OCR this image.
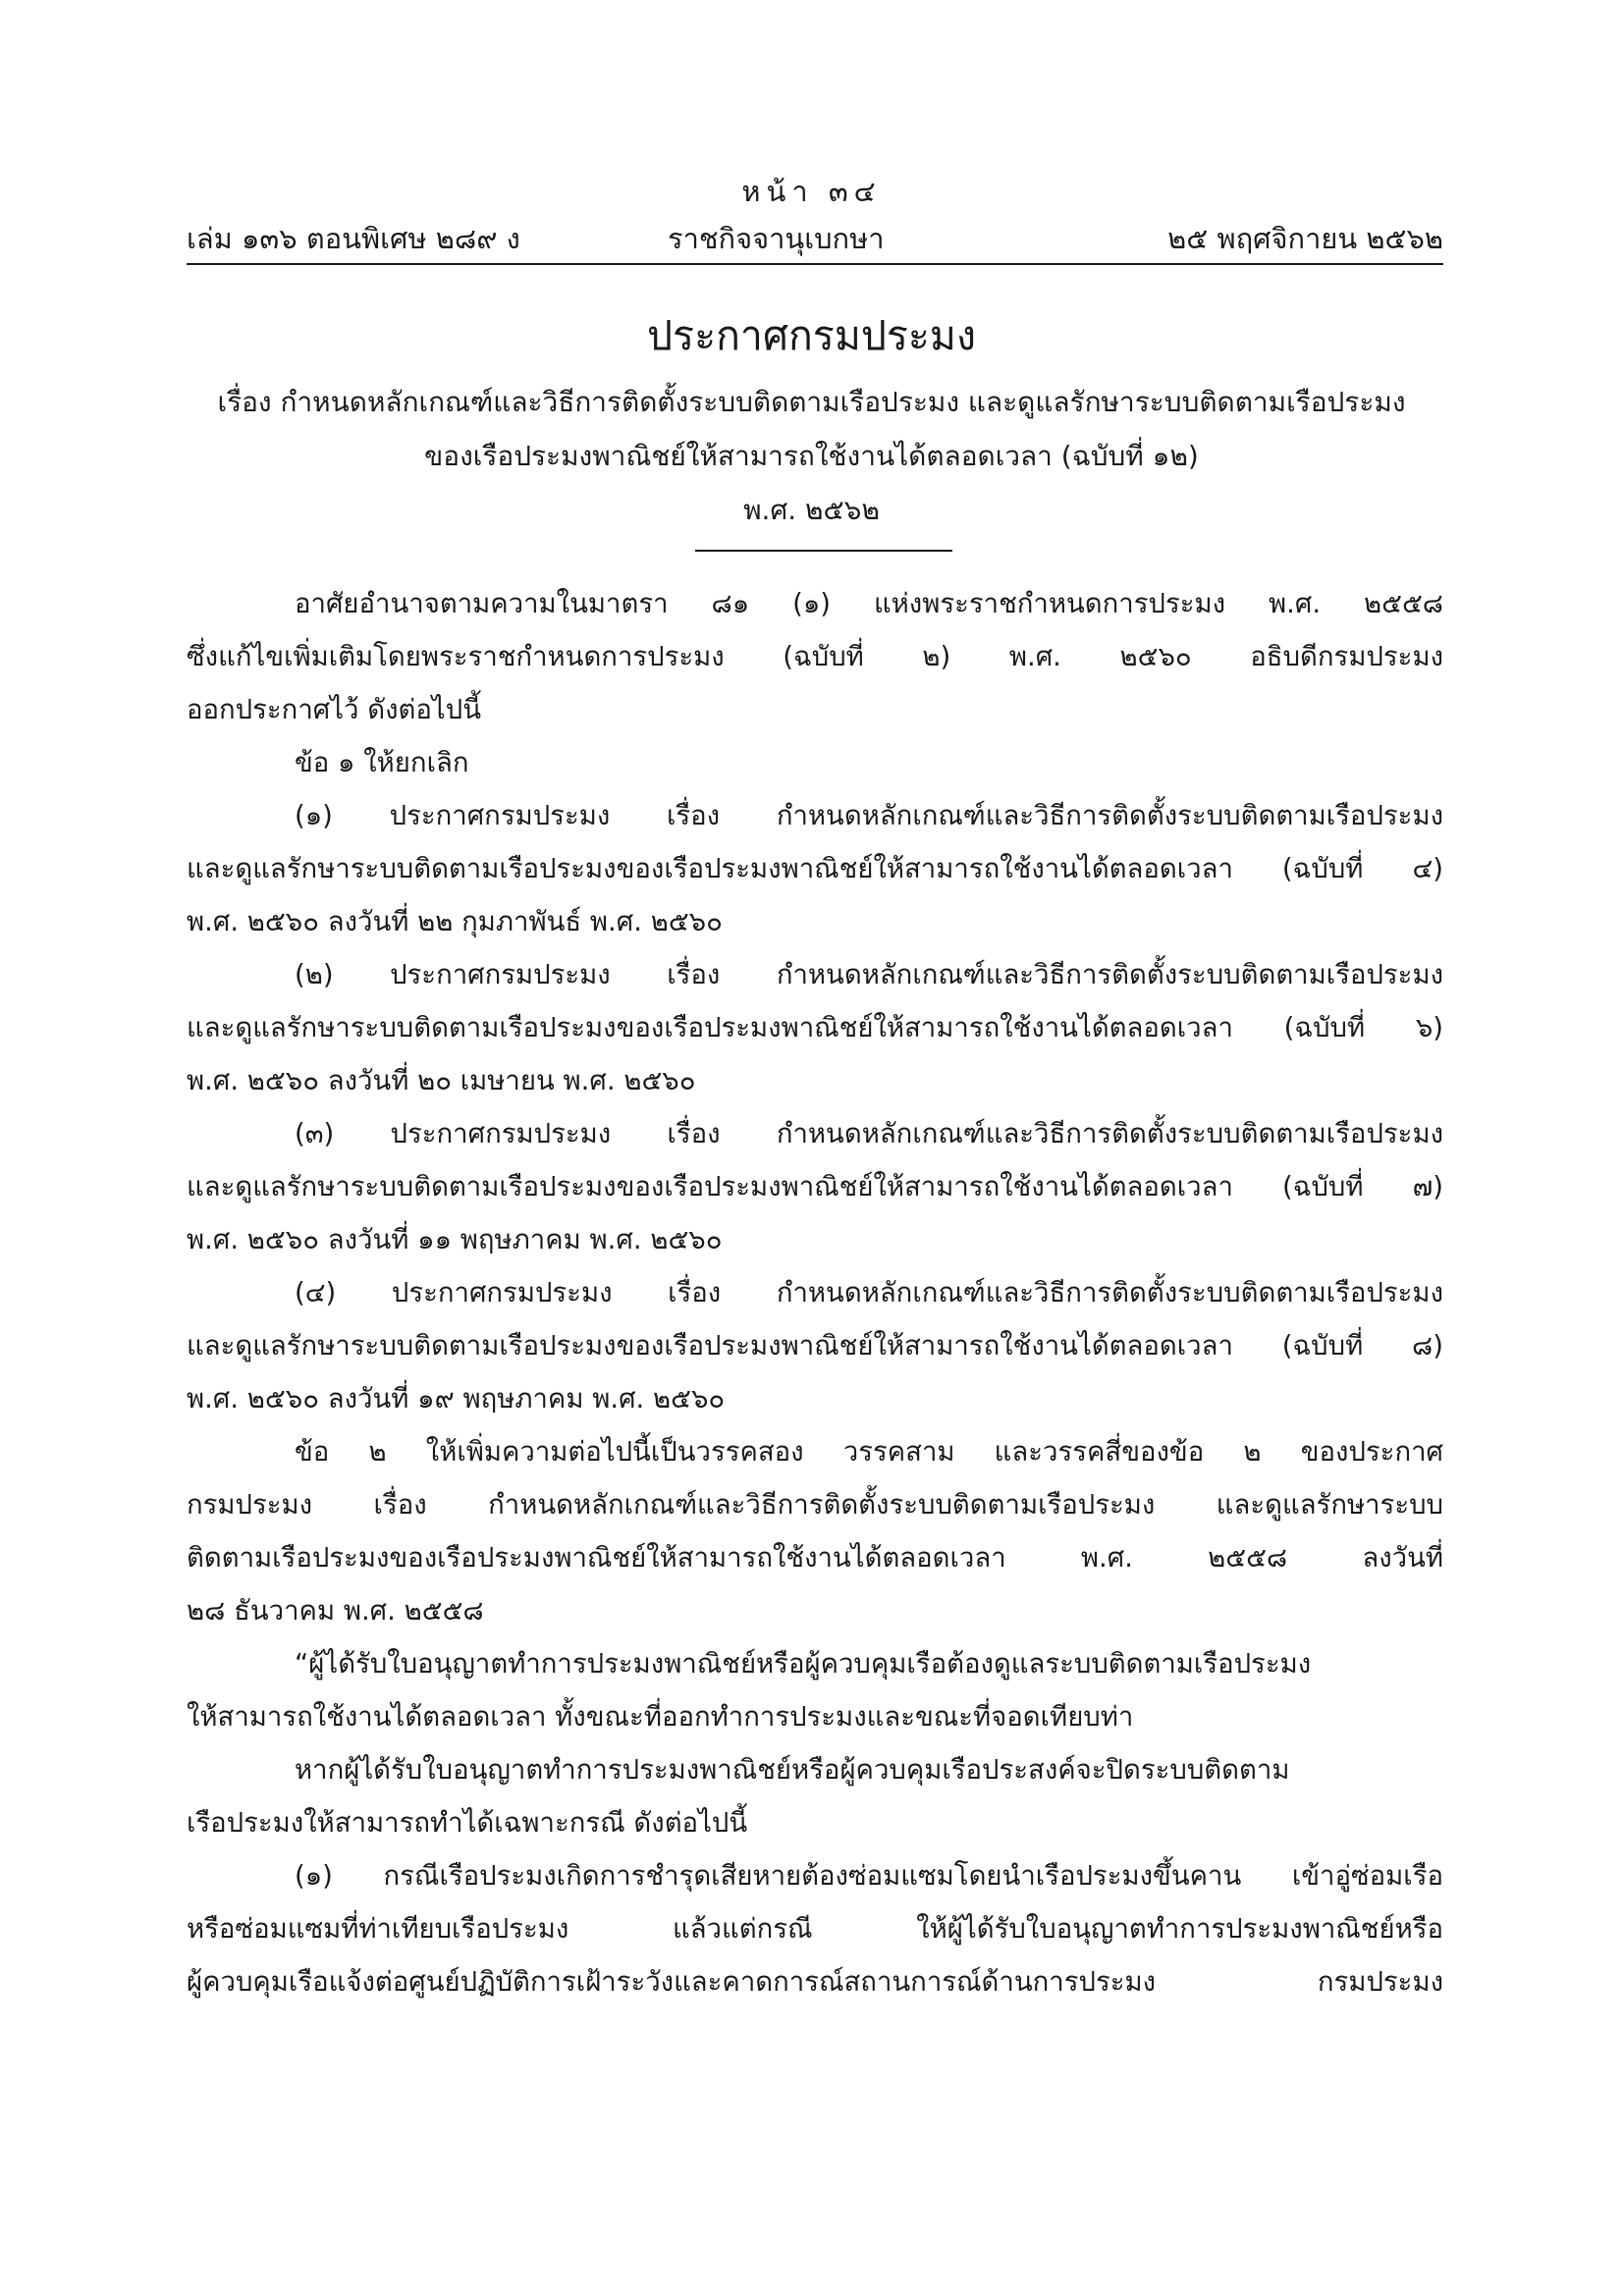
หน้า ๓๔
เล่ม ๑๓๖ ตอนพิเศษ ๒๘๙ ง	ราชกิจจานุเบกษา	๒๕ พฤศจิกายน ๒๕๖๒
ประกาศกรมประมง
เรื่อง กำหนดหลักเกณฑ์และวิธีการติดตั้งระบบติดตามเรือประมง และดูแลรักษาระบบติดตามเรือประมง
ของเรือประมงพาณิชย์ให้สามารถใช้งานได้ตลอดเวลา (ฉบับที่ ๑๒)
พ.ศ. ๒๕๖๒
อาศัยอำนาจตามความในมาตรา ๘๑ (๑) แห่งพระราชกำหนดการประมง พ.ศ. ๒๕๕๘
ซึ่งแก้ไขเพิ่มเติมโดยพระราชกำหนดการประมง (ฉบับที่ ๒) พ.ศ. ๒๕๖๐ อธิบดีกรมประมง
ออกประกาศไว้ ดังต่อไปนี้
ข้อ ๑ ให้ยกเลิก
(๑) ประกาศกรมประมง เรื่อง กำหนดหลักเกณฑ์และวิธีการติดตั้งระบบติดตามเรือประมง
และดูแลรักษาระบบติดตามเรือประมงของเรือประมงพาณิชย์ให้สามารถใช้งานได้ตลอดเวลา (ฉบับที่ ๔)
พ.ศ. ๒๕๖๐ ลงวันที่ ๒๒ กุมภาพันธ์ พ.ศ. ๒๕๖๐
(๒) ประกาศกรมประมง เรื่อง กำหนดหลักเกณฑ์และวิธีการติดตั้งระบบติดตามเรือประมง
และดูแลรักษาระบบติดตามเรือประมงของเรือประมงพาณิชย์ให้สามารถใช้งานได้ตลอดเวลา (ฉบับที่ ๖)
พ.ศ. ๒๕๖๐ ลงวันที่ ๒๐ เมษายน พ.ศ. ๒๕๖๐
(๓) ประกาศกรมประมง เรื่อง กำหนดหลักเกณฑ์และวิธีการติดตั้งระบบติดตามเรือประมง
และดูแลรักษาระบบติดตามเรือประมงของเรือประมงพาณิชย์ให้สามารถใช้งานได้ตลอดเวลา (ฉบับที่ ๗)
พ.ศ. ๒๕๖๐ ลงวันที่ ๑๑ พฤษภาคม พ.ศ. ๒๕๖๐
(๔) ประกาศกรมประมง เรื่อง กำหนดหลักเกณฑ์และวิธีการติดตั้งระบบติดตามเรือประมง
และดูแลรักษาระบบติดตามเรือประมงของเรือประมงพาณิชย์ให้สามารถใช้งานได้ตลอดเวลา (ฉบับที่ ๘)
พ.ศ. ๒๕๖๐ ลงวันที่ ๑๙ พฤษภาคม พ.ศ. ๒๕๖๐
ข้อ ๒ ให้เพิ่มความต่อไปนี้เป็นวรรคสอง วรรคสาม และวรรคสี่ของข้อ ๒ ของประกาศ
กรมประมง เรื่อง กำหนดหลักเกณฑ์และวิธีการติดตั้งระบบติดตามเรือประมง และดูแลรักษาระบบ
ติดตามเรือประมงของเรือประมงพาณิชย์ให้สามารถใช้งานได้ตลอดเวลา พ.ศ. ๒๕๕๘ ลงวันที่
๒๘ ธันวาคม พ.ศ. ๒๕๕๘
“ผู้ได้รับใบอนุญาตทำการประมงพาณิชย์หรือผู้ควบคุมเรือต้องดูแลระบบติดตามเรือประมง
ให้สามารถใช้งานได้ตลอดเวลา ทั้งขณะที่ออกทำการประมงและขณะที่จอดเทียบท่า
หากผู้ได้รับใบอนุญาตทำการประมงพาณิชย์หรือผู้ควบคุมเรือประสงค์จะปิดระบบติดตาม
เรือประมงให้สามารถทำได้เฉพาะกรณี ดังต่อไปนี้
(๑) กรณีเรือประมงเกิดการชำรุดเสียหายต้องซ่อมแซมโดยนำเรือประมงขึ้นคาน เข้าอู่ซ่อมเรือ
หรือซ่อมแซมที่ท่าเทียบเรือประมง แล้วแต่กรณี ให้ผู้ได้รับใบอนุญาตทำการประมงพาณิชย์หรือ
ผู้ควบคุมเรือแจ้งต่อศูนย์ปฏิบัติการเฝ้าระวังและคาดการณ์สถานการณ์ด้านการประมง กรมประมง
